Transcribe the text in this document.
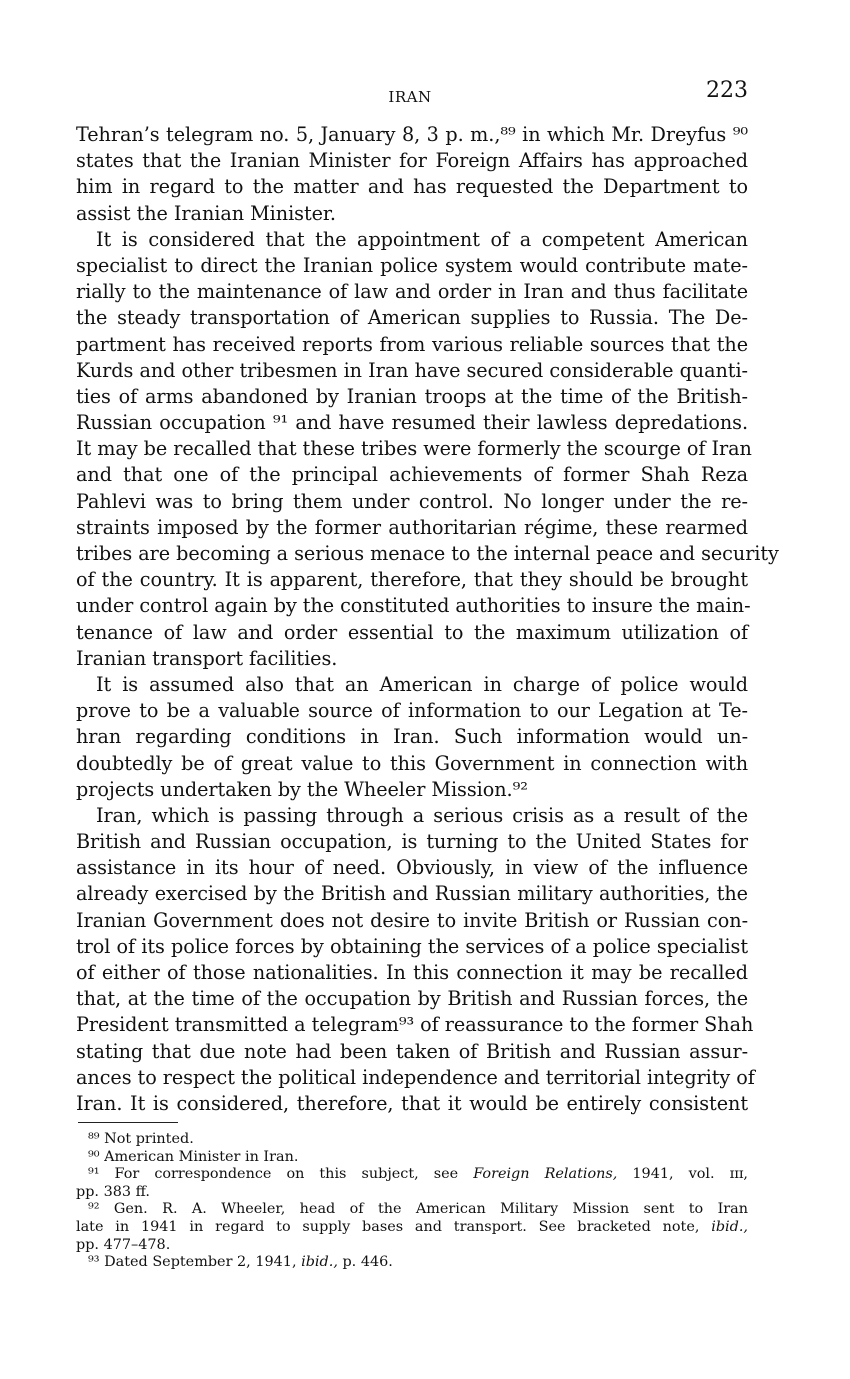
IRAN	223
Tehran’s telegram no. 5, January 8, 3 p. m.,⁸⁹ in which Mr. Dreyfus ⁹⁰
states that the Iranian Minister for Foreign Affairs has approached
him in regard to the matter and has requested the Department to
assist the Iranian Minister.
It is considered that the appointment of a competent American
specialist to direct the Iranian police system would contribute mate-
rially to the maintenance of law and order in Iran and thus facilitate
the steady transportation of American supplies to Russia. The De-
partment has received reports from various reliable sources that the
Kurds and other tribesmen in Iran have secured considerable quanti-
ties of arms abandoned by Iranian troops at the time of the British-
Russian occupation ⁹¹ and have resumed their lawless depredations.
It may be recalled that these tribes were formerly the scourge of Iran
and that one of the principal achievements of former Shah Reza
Pahlevi was to bring them under control. No longer under the re-
straints imposed by the former authoritarian régime, these rearmed
tribes are becoming a serious menace to the internal peace and security
of the country. It is apparent, therefore, that they should be brought
under control again by the constituted authorities to insure the main-
tenance of law and order essential to the maximum utilization of
Iranian transport facilities.
It is assumed also that an American in charge of police would
prove to be a valuable source of information to our Legation at Te-
hran regarding conditions in Iran. Such information would un-
doubtedly be of great value to this Government in connection with
projects undertaken by the Wheeler Mission.⁹²
Iran, which is passing through a serious crisis as a result of the
British and Russian occupation, is turning to the United States for
assistance in its hour of need. Obviously, in view of the influence
already exercised by the British and Russian military authorities, the
Iranian Government does not desire to invite British or Russian con-
trol of its police forces by obtaining the services of a police specialist
of either of those nationalities. In this connection it may be recalled
that, at the time of the occupation by British and Russian forces, the
President transmitted a telegram⁹³ of reassurance to the former Shah
stating that due note had been taken of British and Russian assur-
ances to respect the political independence and territorial integrity of
Iran. It is considered, therefore, that it would be entirely consistent
⁸⁹ Not printed.
⁹⁰ American Minister in Iran.
⁹¹ For correspondence on this subject, see Foreign Relations, 1941, vol. ɪɪɪ,
pp. 383 ff.
⁹² Gen. R. A. Wheeler, head of the American Military Mission sent to Iran
late in 1941 in regard to supply bases and transport. See bracketed note, ibid.,
pp. 477–478.
⁹³ Dated September 2, 1941, ibid., p. 446.
